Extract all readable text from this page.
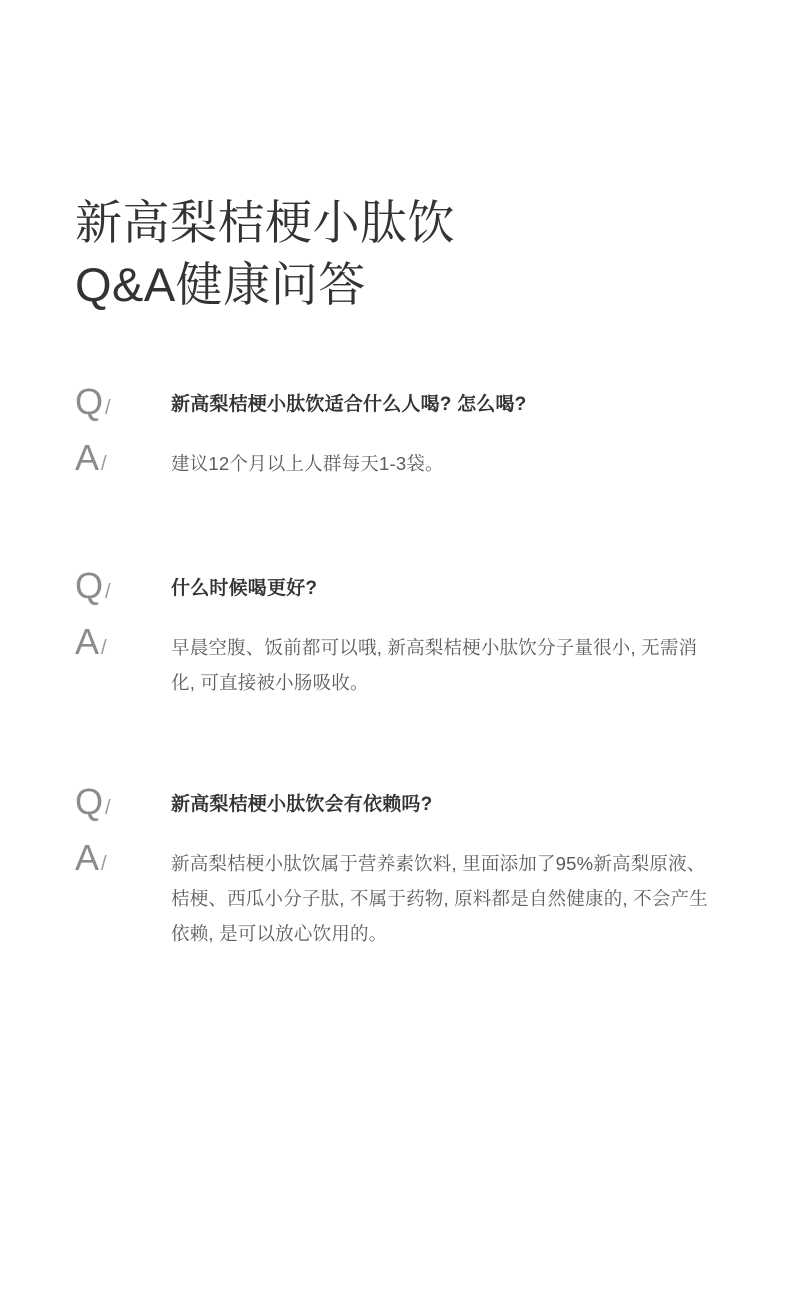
新高梨桔梗小肽饮
Q&A健康问答
Q /	新高梨桔梗小肽饮适合什么人喝? 怎么喝?
A /	建议12个月以上人群每天1-3袋。
Q /	什么时候喝更好?
A /	早晨空腹、饭前都可以哦, 新高梨桔梗小肽饮分子量很小, 无需消化, 可直接被小肠吸收。
Q /	新高梨桔梗小肽饮会有依赖吗?
A /	新高梨桔梗小肽饮属于营养素饮料, 里面添加了95%新高梨原液、桔梗、西瓜小分子肽, 不属于药物, 原料都是自然健康的, 不会产生依赖, 是可以放心饮用的。
